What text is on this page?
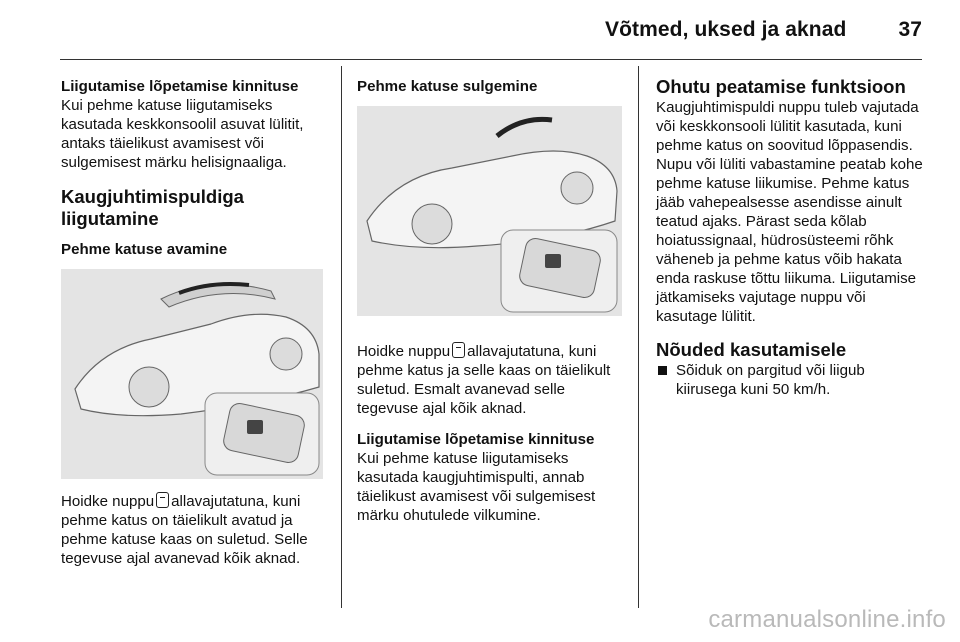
Võtmed, uksed ja aknad 37

Liigutamise lõpetamise kinnituse

Kui pehme katuse liigutamiseks kasutada keskkonsoolil asuvat lülitit, antaks täielikust avamisest või sulgemisest märku helisignaaliga.

Kaugjuhtimispuldiga liigutamine

Pehme katuse avamine

Hoidke nuppu allavajutatuna, kuni pehme katus on täielikult avatud ja pehme katuse kaas on suletud. Selle tegevuse ajal avanevad kõik aknad.

Pehme katuse sulgemine

Hoidke nuppu allavajutatuna, kuni pehme katus ja selle kaas on täielikult suletud. Esmalt avanevad selle tegevuse ajal kõik aknad.

Liigutamise lõpetamise kinnituse

Kui pehme katuse liigutamiseks kasutada kaugjuhtimispulti, annab täielikust avamisest või sulgemisest märku ohutulede vilkumine.

Ohutu peatamise funktsioon

Kaugjuhtimispuldi nuppu tuleb vajutada või keskkonsooli lülitit kasutada, kuni pehme katus on soovitud lõppasendis. Nupu või lüliti vabastamine peatab kohe pehme katuse liikumise. Pehme katus jääb vahepealsesse asendisse ainult teatud ajaks. Pärast seda kõlab hoiatussignaal, hüdrosüsteemi rõhk väheneb ja pehme katus võib hakata enda raskuse tõttu liikuma. Liigutamise jätkamiseks vajutage nuppu või kasutage lülitit.

Nõuded kasutamisele

Sõiduk on pargitud või liigub kiirusega kuni 50 km/h.
carmanualsonline.info
